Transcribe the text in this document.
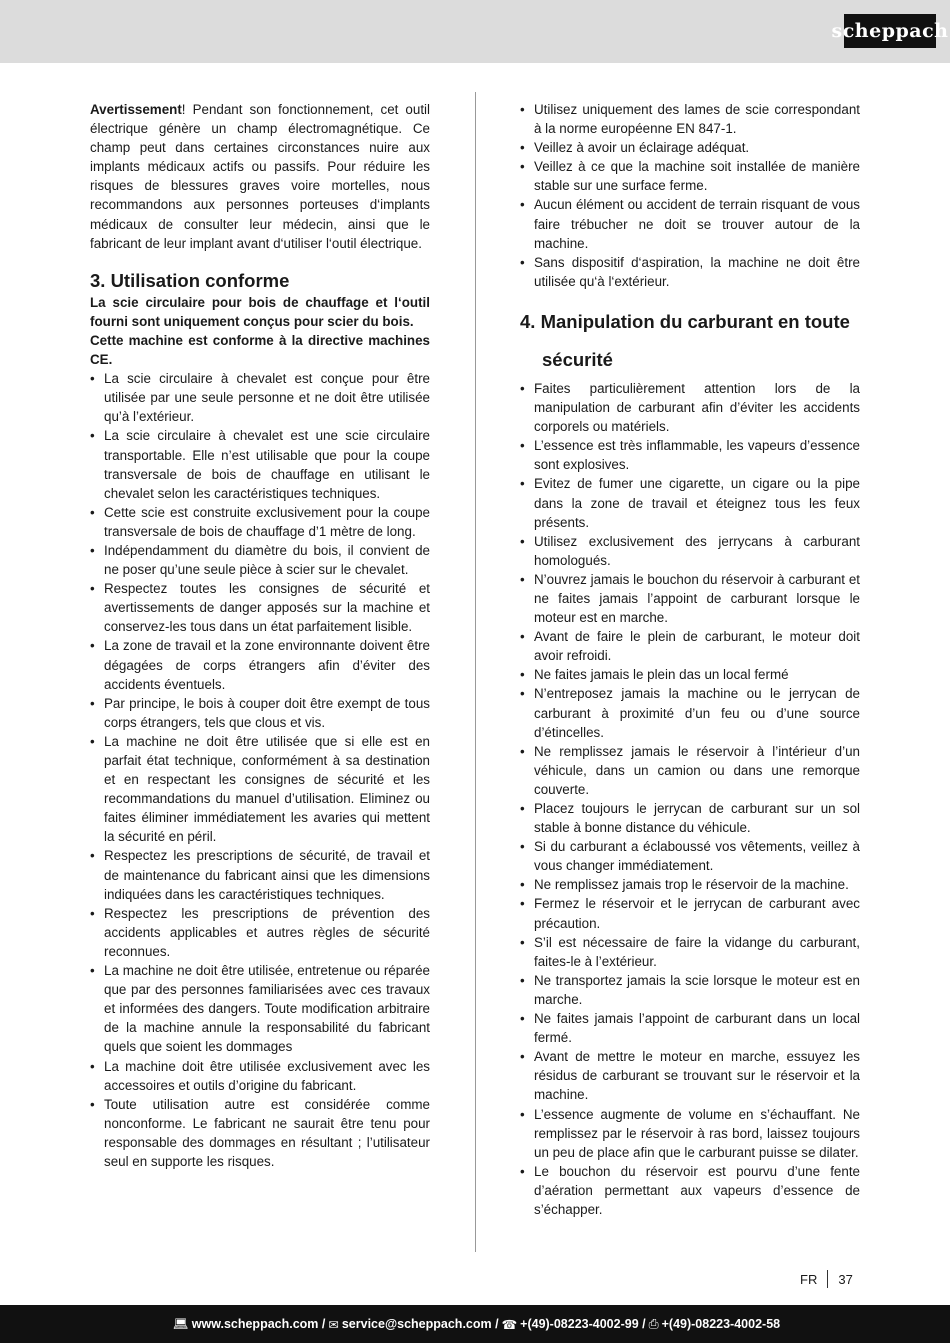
scheppach

Avertissement! Pendant son fonctionnement, cet outil électrique génère un champ électromagnétique. Ce champ peut dans certaines circonstances nuire aux implants médicaux actifs ou passifs. Pour réduire les risques de blessures graves voire mortelles, nous recommandons aux personnes porteuses d‘implants médicaux de consulter leur médecin, ainsi que le fabricant de leur implant avant d‘utiliser l‘outil électrique.

3. Utilisation conforme

La scie circulaire pour bois de chauffage et l‘outil fourni sont uniquement conçus pour scier du bois.

Cette machine est conforme à la directive machines CE.

• La scie circulaire à chevalet est conçue pour être utilisée par une seule personne et ne doit être utilisée qu’à l’extérieur.
• La scie circulaire à chevalet est une scie circulaire transportable. Elle n’est utilisable que pour la coupe transversale de bois de chauffage en utilisant le chevalet selon les caractéristiques techniques.
• Cette scie est construite exclusivement pour la coupe transversale de bois de chauffage d’1 mètre de long.
• Indépendamment du diamètre du bois, il convient de ne poser qu’une seule pièce à scier sur le chevalet.
• Respectez toutes les consignes de sécurité et avertissements de danger apposés sur la machine et conservez-les tous dans un état parfaitement lisible.
• La zone de travail et la zone environnante doivent être dégagées de corps étrangers afin d’éviter des accidents éventuels.
• Par principe, le bois à couper doit être exempt de tous corps étrangers, tels que clous et vis.
• La machine ne doit être utilisée que si elle est en parfait état technique, conformément à sa destination et en respectant les consignes de sécurité et les recommandations du manuel d’utilisation. Eliminez ou faites éliminer immédiatement les avaries qui mettent la sécurité en péril.
• Respectez les prescriptions de sécurité, de travail et de maintenance du fabricant ainsi que les dimensions indiquées dans les caractéristiques techniques.
• Respectez les prescriptions de prévention des accidents applicables et autres règles de sécurité reconnues.
• La machine ne doit être utilisée, entretenue ou réparée que par des personnes familiarisées avec ces travaux et informées des dangers. Toute modification arbitraire de la machine annule la responsabilité du fabricant quels que soient les dommages
• La machine doit être utilisée exclusivement avec les accessoires et outils d’origine du fabricant.
• Toute utilisation autre est considérée comme nonconforme. Le fabricant ne saurait être tenu pour responsable des dommages en résultant ; l’utilisateur seul en supporte les risques.
• Utilisez uniquement des lames de scie correspondant à la norme européenne EN 847-1.
• Veillez à avoir un éclairage adéquat.
• Veillez à ce que la machine soit installée de manière stable sur une surface ferme.
• Aucun élément ou accident de terrain risquant de vous faire trébucher ne doit se trouver autour de la machine.
• Sans dispositif d‘aspiration, la machine ne doit être utilisée qu‘à l‘extérieur.
4. Manipulation du carburant en toute
sécurité
• Faites particulièrement attention lors de la manipulation de carburant afin d’éviter les accidents corporels ou matériels.
• L’essence est très inflammable, les vapeurs d’essence sont explosives.
• Evitez de fumer une cigarette, un cigare ou la pipe dans la zone de travail et éteignez tous les feux présents.
• Utilisez exclusivement des jerrycans à carburant homologués.
• N’ouvrez jamais le bouchon du réservoir à carburant et ne faites jamais l’appoint de carburant lorsque le moteur est en marche.
• Avant de faire le plein de carburant, le moteur doit avoir refroidi.
• Ne faites jamais le plein das un local fermé
• N’entreposez jamais la machine ou le jerrycan de carburant à proximité d’un feu ou d’une source d’étincelles.
• Ne remplissez jamais le réservoir à l’intérieur d’un véhicule, dans un camion ou dans une remorque couverte.
• Placez toujours le jerrycan de carburant sur un sol stable à bonne distance du véhicule.
• Si du carburant a éclaboussé vos vêtements, veillez à vous changer immédiatement.
• Ne remplissez jamais trop le réservoir de la machine.
• Fermez le réservoir et le jerrycan de carburant avec précaution.
• S’il est nécessaire de faire la vidange du carburant, faites-le à l’extérieur.
• Ne transportez jamais la scie lorsque le moteur est en marche.
• Ne faites jamais l’appoint de carburant dans un local fermé.
• Avant de mettre le moteur en marche, essuyez les résidus de carburant se trouvant sur le réservoir et la machine.
• L’essence augmente de volume en s’échauffant. Ne remplissez par le réservoir à ras bord, laissez toujours un peu de place afin que le carburant puisse se dilater.
• Le bouchon du réservoir est pourvu d’une fente d’aération permettant aux vapeurs d’essence de s’échapper.
FR 37
💻︎ www.scheppach.com / ✉︎ service@scheppach.com / ☎︎ +(49)-08223-4002-99 / ⎙ +(49)-08223-4002-58
